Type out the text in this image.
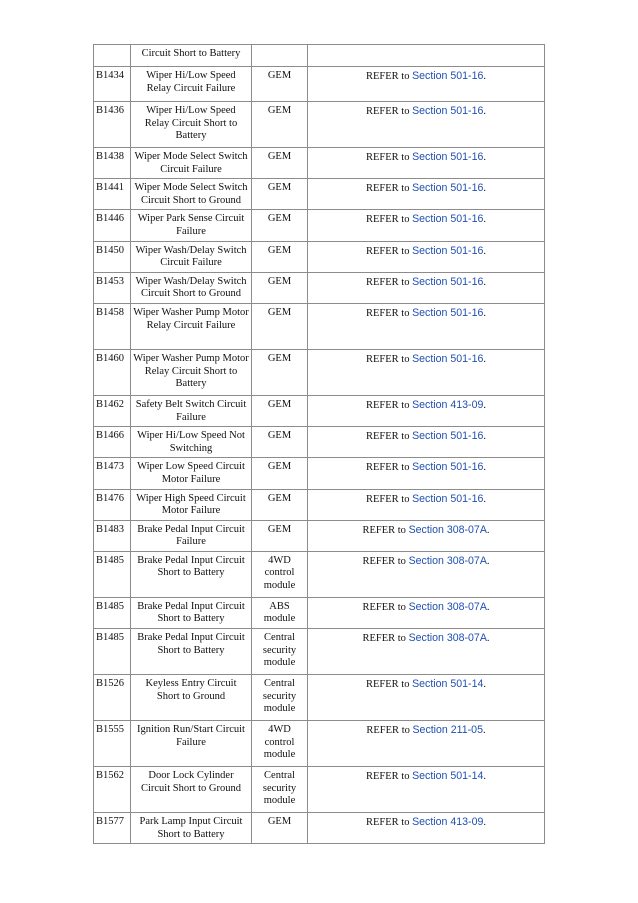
	Circuit Short to Battery		
B1434	Wiper Hi/Low Speed Relay Circuit Failure	GEM	REFER to Section 501-16.
B1436	Wiper Hi/Low Speed Relay Circuit Short to Battery	GEM	REFER to Section 501-16.
B1438	Wiper Mode Select Switch Circuit Failure	GEM	REFER to Section 501-16.
B1441	Wiper Mode Select Switch Circuit Short to Ground	GEM	REFER to Section 501-16.
B1446	Wiper Park Sense Circuit Failure	GEM	REFER to Section 501-16.
B1450	Wiper Wash/Delay Switch Circuit Failure	GEM	REFER to Section 501-16.
B1453	Wiper Wash/Delay Switch Circuit Short to Ground	GEM	REFER to Section 501-16.
B1458	Wiper Washer Pump Motor Relay Circuit Failure	GEM	REFER to Section 501-16.
B1460	Wiper Washer Pump Motor Relay Circuit Short to Battery	GEM	REFER to Section 501-16.
B1462	Safety Belt Switch Circuit Failure	GEM	REFER to Section 413-09.
B1466	Wiper Hi/Low Speed Not Switching	GEM	REFER to Section 501-16.
B1473	Wiper Low Speed Circuit Motor Failure	GEM	REFER to Section 501-16.
B1476	Wiper High Speed Circuit Motor Failure	GEM	REFER to Section 501-16.
B1483	Brake Pedal Input Circuit Failure	GEM	REFER to Section 308-07A.
B1485	Brake Pedal Input Circuit Short to Battery	4WD control module	REFER to Section 308-07A.
B1485	Brake Pedal Input Circuit Short to Battery	ABS module	REFER to Section 308-07A.
B1485	Brake Pedal Input Circuit Short to Battery	Central security module	REFER to Section 308-07A.
B1526	Keyless Entry Circuit Short to Ground	Central security module	REFER to Section 501-14.
B1555	Ignition Run/Start Circuit Failure	4WD control module	REFER to Section 211-05.
B1562	Door Lock Cylinder Circuit Short to Ground	Central security module	REFER to Section 501-14.
B1577	Park Lamp Input Circuit Short to Battery	GEM	REFER to Section 413-09.
